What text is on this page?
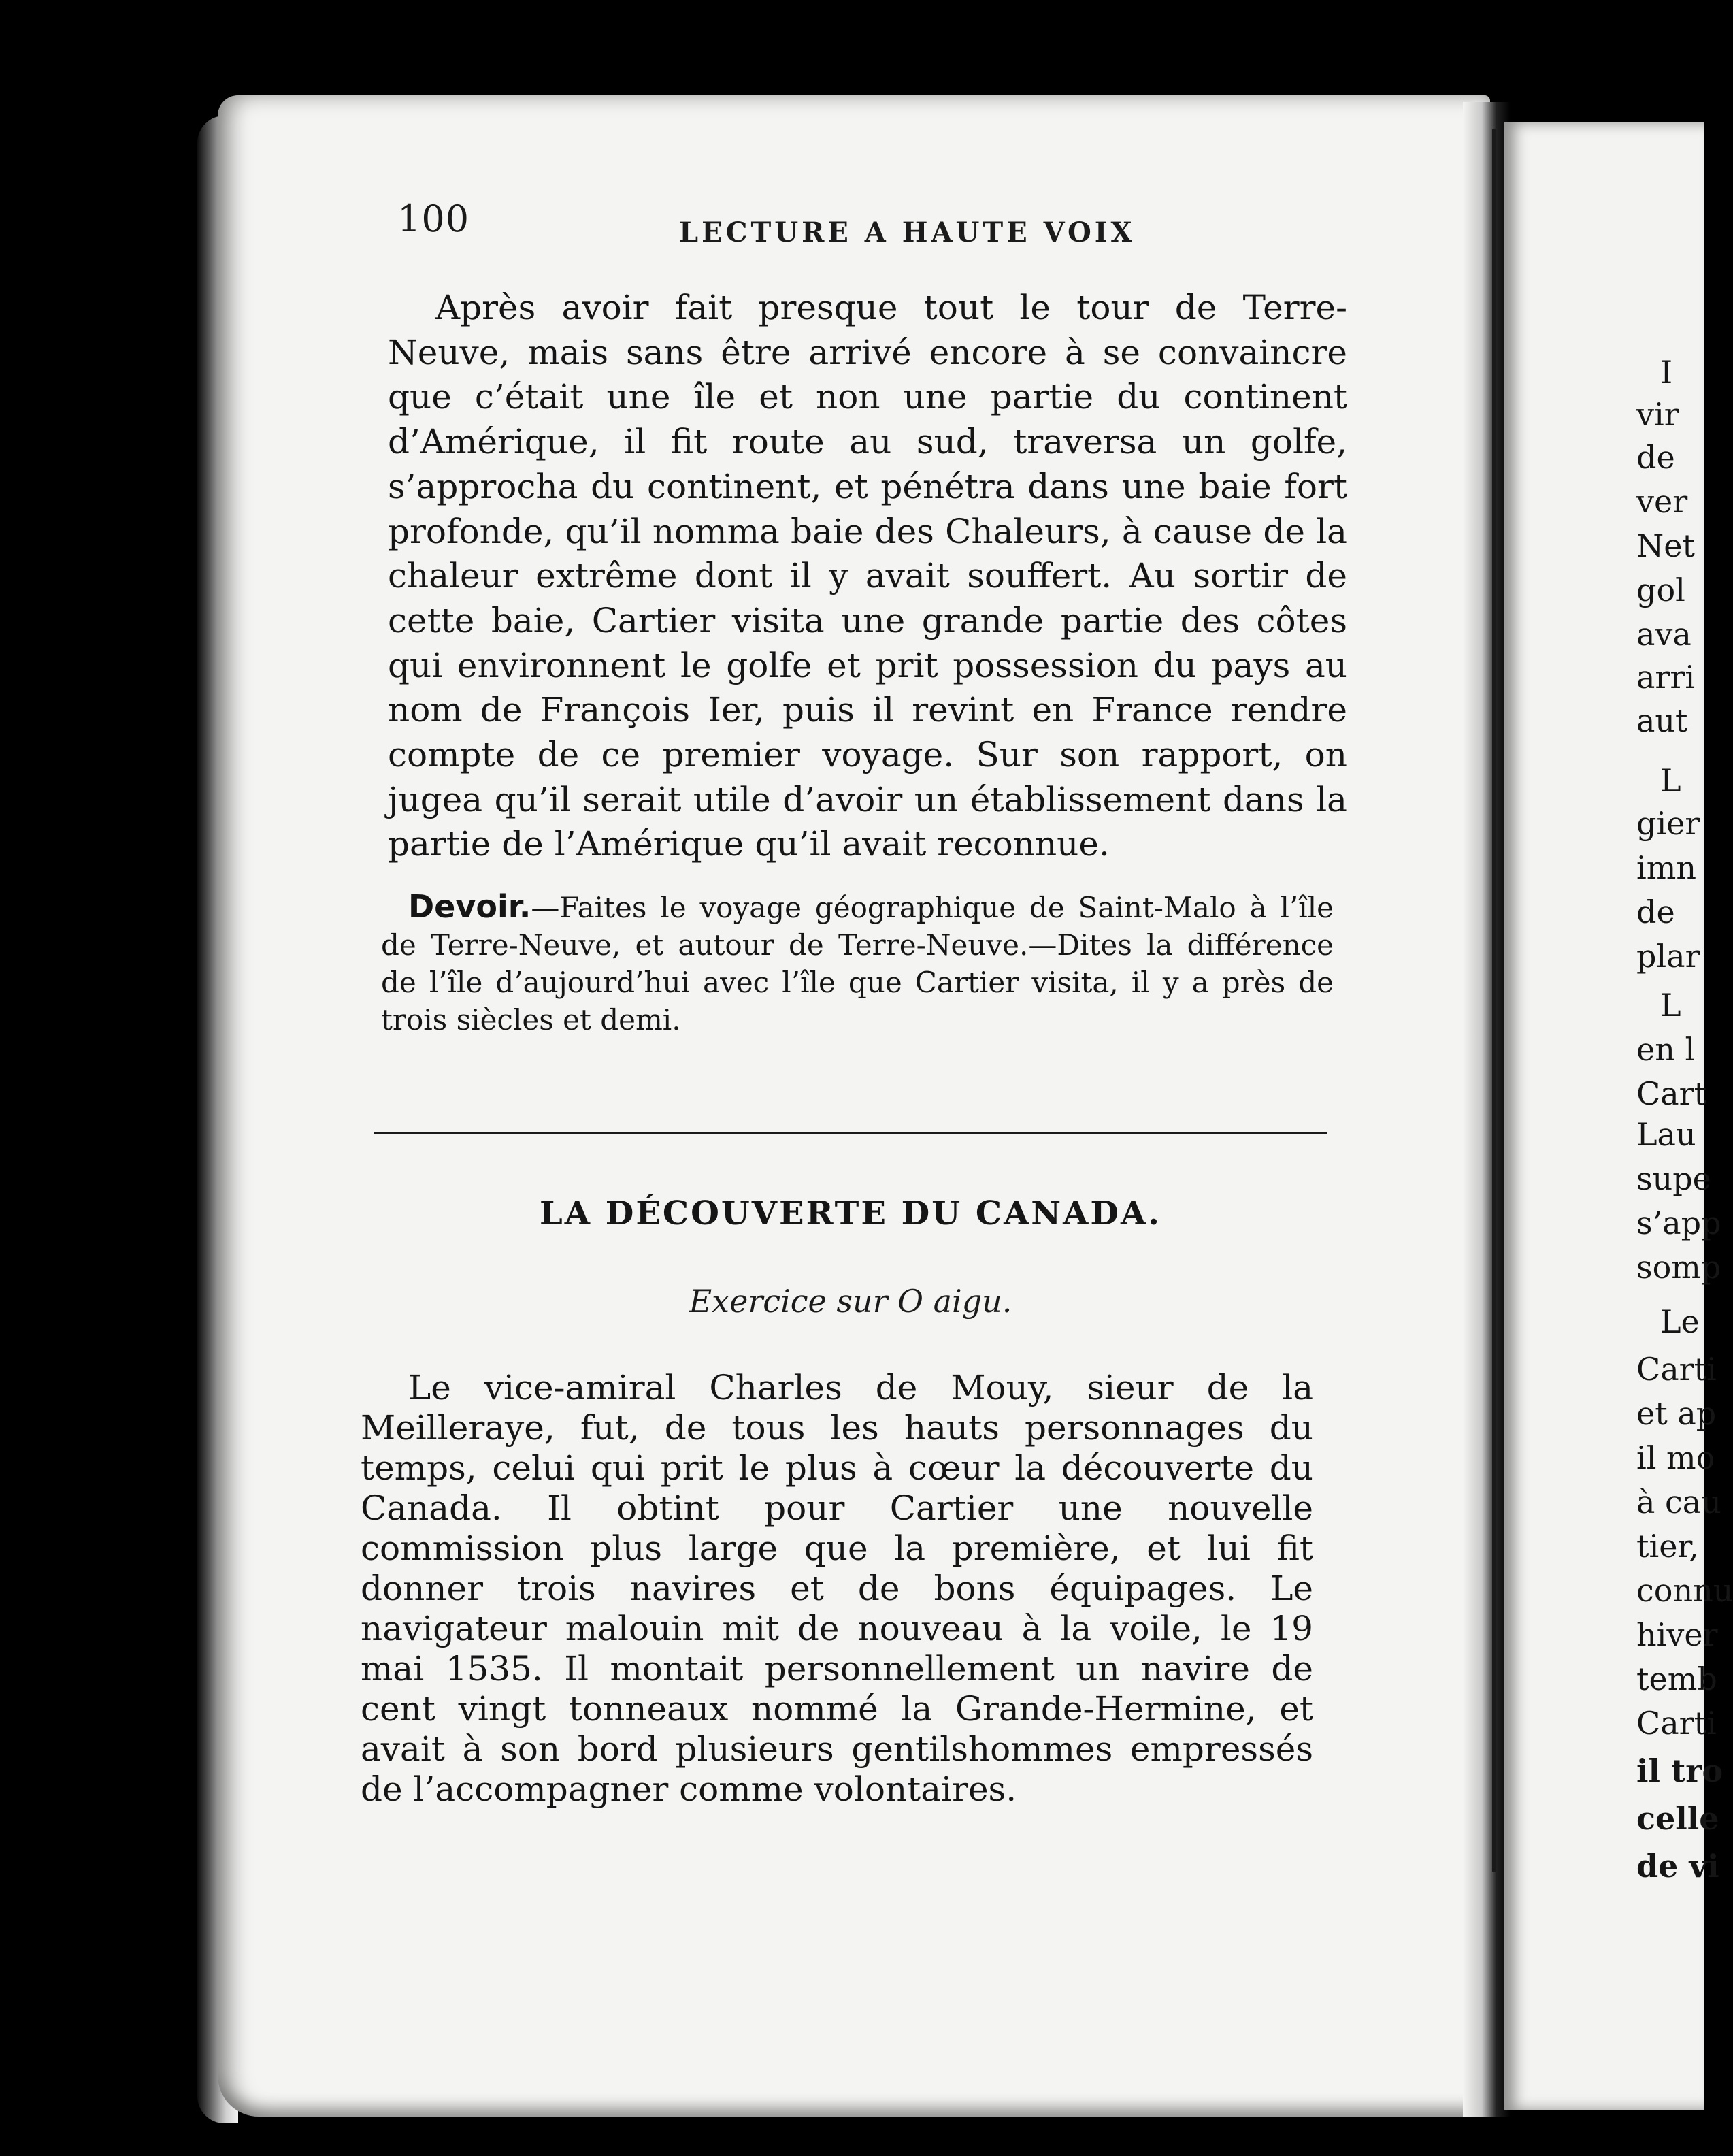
100	LECTURE A HAUTE VOIX
Après avoir fait presque tout le tour de Terre-Neuve, mais sans être arrivé encore à se convaincre que c’était une île et non une partie du continent d’Amérique, il fit route au sud, traversa un golfe, s’approcha du continent, et pénétra dans une baie fort profonde, qu’il nomma baie des Chaleurs, à cause de la chaleur extrême dont il y avait souffert. Au sortir de cette baie, Cartier visita une grande partie des côtes qui environnent le golfe et prit possession du pays au nom de François Ier, puis il revint en France rendre compte de ce premier voyage. Sur son rapport, on jugea qu’il serait utile d’avoir un établissement dans la partie de l’Amérique qu’il avait reconnue.
Devoir.—Faites le voyage géographique de Saint-Malo à l’île de Terre-Neuve, et autour de Terre-Neuve.—Dites la différence de l’île d’aujourd’hui avec l’île que Cartier visita, il y a près de trois siècles et demi.
LA DÉCOUVERTE DU CANADA.
Exercice sur O aigu.
Le vice-amiral Charles de Mouy, sieur de la Meilleraye, fut, de tous les hauts personnages du temps, celui qui prit le plus à cœur la découverte du Canada. Il obtint pour Cartier une nouvelle commission plus large que la première, et lui fit donner trois navires et de bons équipages. Le navigateur malouin mit de nouveau à la voile, le 19 mai 1535. Il montait personnellement un navire de cent vingt tonneaux nommé la Grande-Hermine, et avait à son bord plusieurs gentilshommes empressés de l’accompagner comme volontaires.
I
vir
de
ver
Net
gol
ava
arri
aut
L
gier
imn
de
plar
L
en l
Cart
Lau
supe
s’app
somp
Le
Carti
et ap
il mo
à cau
tier,
connu
hiver
temb
Carti
il tro
celle
de vi
